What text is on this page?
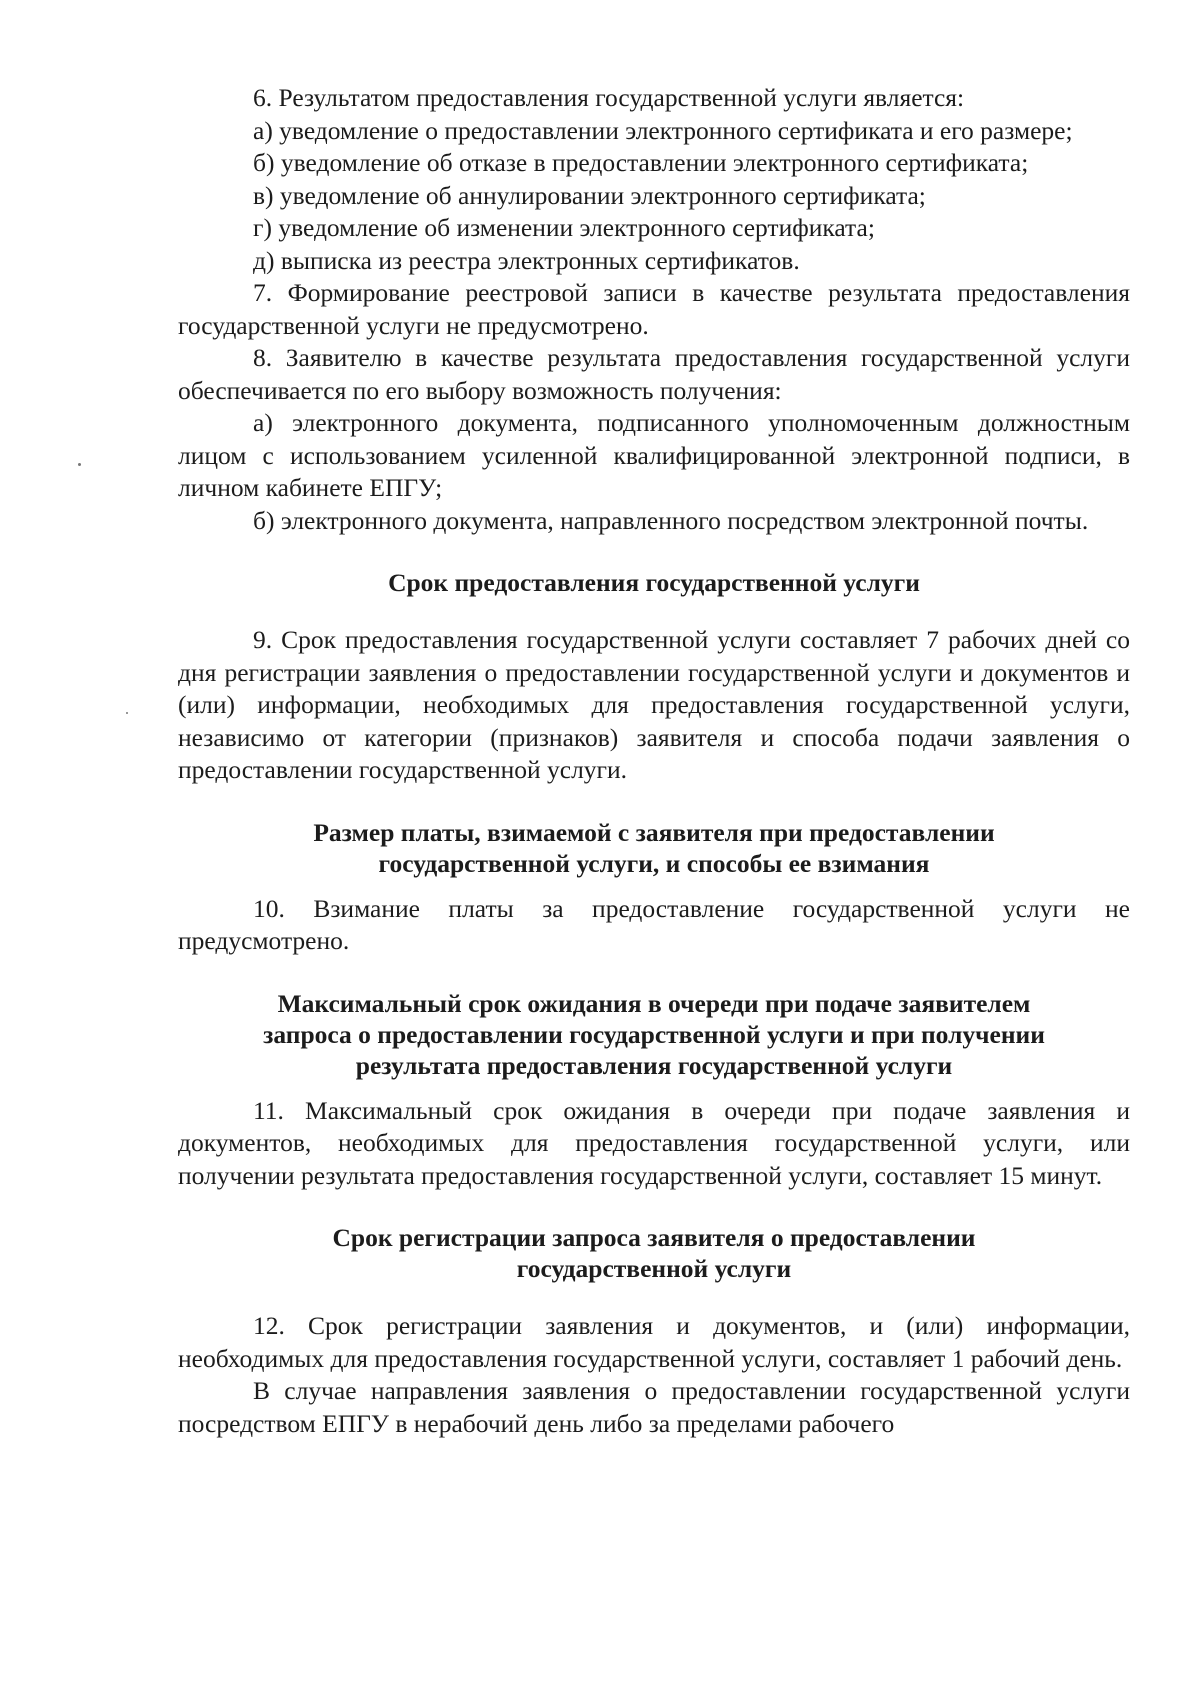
6. Результатом предоставления государственной услуги является:

а) уведомление о предоставлении электронного сертификата и его размере;

б) уведомление об отказе в предоставлении электронного сертификата;

в) уведомление об аннулировании электронного сертификата;

г) уведомление об изменении электронного сертификата;

д) выписка из реестра электронных сертификатов.

7. Формирование реестровой записи в качестве результата предоставления государственной услуги не предусмотрено.

8. Заявителю в качестве результата предоставления государственной услуги обеспечивается по его выбору возможность получения:

а) электронного документа, подписанного уполномоченным должностным лицом с использованием усиленной квалифицированной электронной подписи, в личном кабинете ЕПГУ;

б) электронного документа, направленного посредством электронной почты.

Срок предоставления государственной услуги

9. Срок предоставления государственной услуги составляет 7 рабочих дней со дня регистрации заявления о предоставлении государственной услуги и документов и (или) информации, необходимых для предоставления государственной услуги, независимо от категории (признаков) заявителя и способа подачи заявления о предоставлении государственной услуги.

Размер платы, взимаемой с заявителя при предоставлении
государственной услуги, и способы ее взимания

10. Взимание платы за предоставление государственной услуги не предусмотрено.

Максимальный срок ожидания в очереди при подаче заявителем
запроса о предоставлении государственной услуги и при получении
результата предоставления государственной услуги

11. Максимальный срок ожидания в очереди при подаче заявления и документов, необходимых для предоставления государственной услуги, или получении результата предоставления государственной услуги, составляет 15 минут.

Срок регистрации запроса заявителя о предоставлении
государственной услуги

12. Срок регистрации заявления и документов, и (или) информации, необходимых для предоставления государственной услуги, составляет 1 рабочий день.

В случае направления заявления о предоставлении государственной услуги посредством ЕПГУ в нерабочий день либо за пределами рабочего
